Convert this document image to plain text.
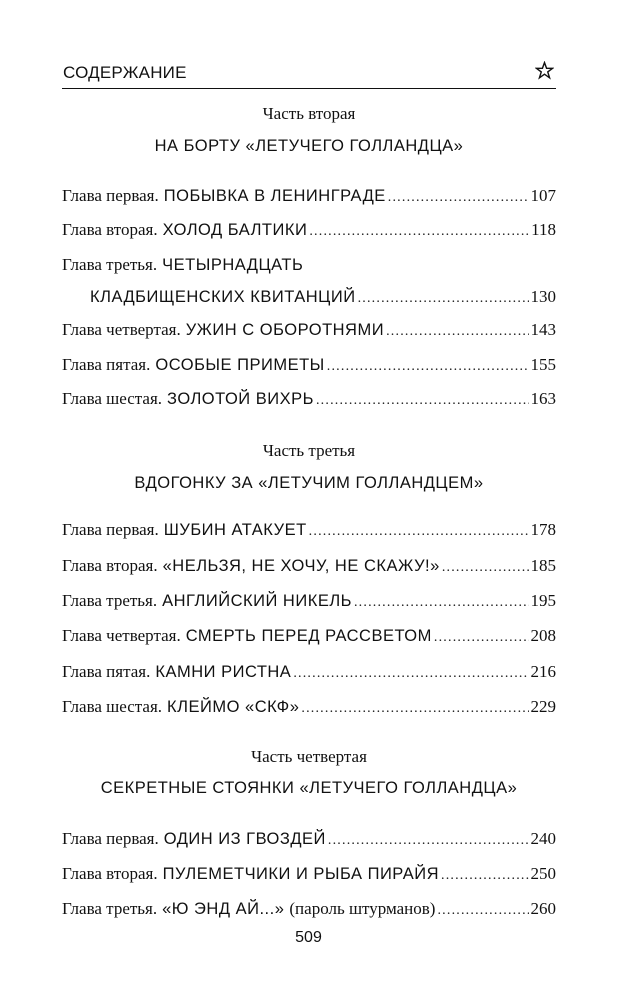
СОДЕРЖАНИЕ
Часть вторая
НА БОРТУ «ЛЕТУЧЕГО ГОЛЛАНДЦА»
Глава первая. ПОБЫВКА В ЛЕНИНГРАДЕ .....	107
Глава вторая. ХОЛОД БАЛТИКИ .....	118
Глава третья. ЧЕТЫРНАДЦАТЬ
КЛАДБИЩЕНСКИХ КВИТАНЦИЙ .....	130
Глава четвертая. УЖИН С ОБОРОТНЯМИ .....	143
Глава пятая. ОСОБЫЕ ПРИМЕТЫ .....	155
Глава шестая. ЗОЛОТОЙ ВИХРЬ .....	163
Часть третья
ВДОГОНКУ ЗА «ЛЕТУЧИМ ГОЛЛАНДЦЕМ»
Глава первая. ШУБИН АТАКУЕТ .....	178
Глава вторая. «НЕЛЬЗЯ, НЕ ХОЧУ, НЕ СКАЖУ!» .....	185
Глава третья. АНГЛИЙСКИЙ НИКЕЛЬ .....	195
Глава четвертая. СМЕРТЬ ПЕРЕД РАССВЕТОМ .....	208
Глава пятая. КАМНИ РИСТНА .....	216
Глава шестая. КЛЕЙМО «СКФ» .....	229
Часть четвертая
СЕКРЕТНЫЕ СТОЯНКИ «ЛЕТУЧЕГО ГОЛЛАНДЦА»
Глава первая. ОДИН ИЗ ГВОЗДЕЙ .....	240
Глава вторая. ПУЛЕМЕТЧИКИ И РЫБА ПИРАЙЯ .....	250
Глава третья. «Ю ЭНД АЙ...» (пароль штурманов) .....	260
509
